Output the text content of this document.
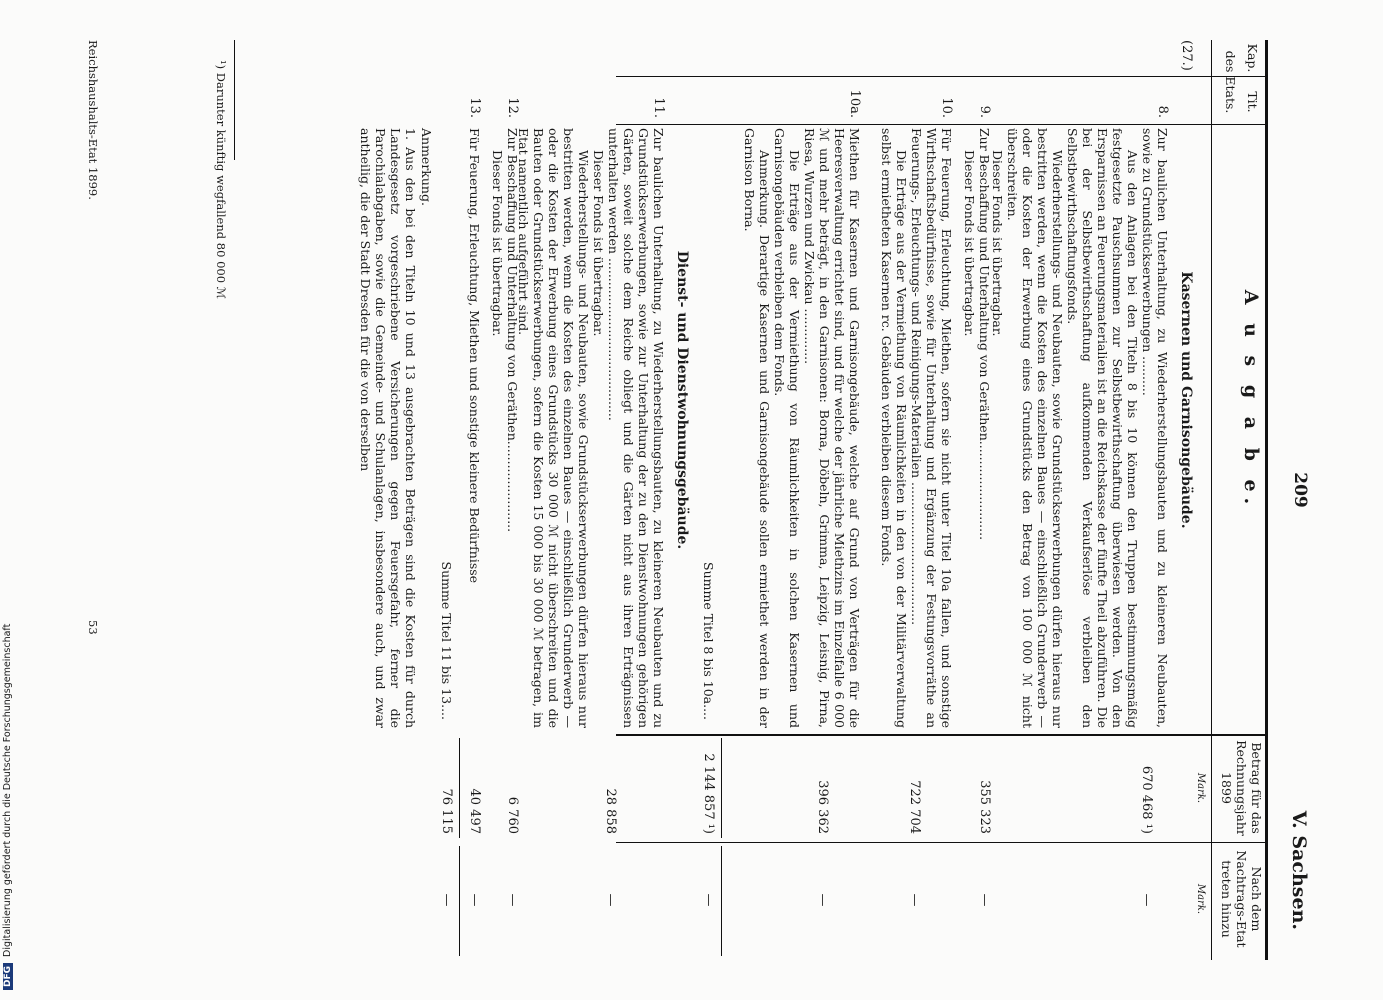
DFGDigitalisierung gefördert durch die Deutsche Forschungsgemeinschaft
209
V. Sachsen.
Kap.
Tit.
des Etats.
Betrag für das Rechnungsjahr 1899
Mark.
Nach dem Nachtrags-Etat treten hinzu
Mark.
A u s g a b e.
Kasernen und Garnisongebäude.
(27.)
8.
Zur baulichen Unterhaltung, zu Wiederherstellungsbauten und zu kleineren Neubauten, sowie zu Grundstückserwerbungen ..........
Aus den Anlagen bei den Titeln 8 bis 10 können den Truppen bestimmungsmäßig festgesetzte Pauschsummen zur Selbstbewirthschaftung überwiesen werden. Von den Ersparnissen an Feuerungsmaterialien ist an die Reichskasse der fünfte Theil abzuführen. Die bei der Selbstbewirthschaftung aufkommenden Verkaufserlöse verbleiben den Selbstbewirthschaftungsfonds.
Wiederherstellungs- und Neubauten, sowie Grundstückserwerbungen dürfen hieraus nur bestritten werden, wenn die Kosten des einzelnen Baues — einschließlich Grunderwerb — oder die Kosten der Erwerbung eines Grundstücks den Betrag von 100 000 ℳ nicht überschreiten.
Dieser Fonds ist übertragbar.
670 468 ¹)
—
9.
Zur Beschaffung und Unterhaltung von Geräthen.........................
Dieser Fonds ist übertragbar.
355 323
—
10.
Für Feuerung, Erleuchtung, Miethen, sofern sie nicht unter Titel 10a fallen, und sonstige Wirthschaftsbedürfnisse, sowie für Unterhaltung und Ergänzung der Festungsvorräthe an Feuerungs-, Erleuchtungs- und Reinigungs-Materialien ....................................
Die Erträge aus der Vermiethung von Räumlichkeiten in den von der Militärverwaltung selbst ermietheten Kasernen rc. Gebäuden verbleiben diesem Fonds.
722 704
—
10a.
Miethen für Kasernen und Garnisongebäude, welche auf Grund von Verträgen für die Heeresverwaltung errichtet sind, und für welche der jährliche Miethzins im Einzelfalle 6 000 ℳ und mehr beträgt, in den Garnisonen: Borna, Döbeln, Grimma, Leipzig, Leisnig, Pirna, Riesa, Wurzen und Zwickau ..............
Die Erträge aus der Vermiethung von Räumlichkeiten in solchen Kasernen und Garnisongebäuden verbleiben dem Fonds.
Anmerkung. Derartige Kasernen und Garnisongebäude sollen ermiethet werden in der Garnison Borna.
396 362
—
Summe Titel 8 bis 10a....
2 144 857 ¹)
—
Dienst- und Dienstwohnungsgebäude.
11.
Zur baulichen Unterhaltung, zu Wiederherstellungsbauten, zu kleineren Neubauten und zu Grundstückserwerbungen, sowie zur Unterhaltung der zu den Dienstwohnungen gehörigen Gärten, soweit solche dem Reiche obliegt und die Gärten nicht aus ihren Erträgnissen unterhalten werden .........................................
Dieser Fonds ist übertragbar.
Wiederherstellungs- und Neubauten, sowie Grundstückserwerbungen dürfen hieraus nur bestritten werden, wenn die Kosten des einzelnen Baues — einschließlich Grunderwerb — oder die Kosten der Erwerbung eines Grundstücks 30 000 ℳ nicht überschreiten und die Bauten oder Grundstückserwerbungen, sofern die Kosten 15 000 bis 30 000 ℳ betragen, im Etat namentlich aufgeführt sind.
28 858
—
12.
Zur Beschaffung und Unterhaltung von Geräthen.......................
Dieser Fonds ist übertragbar.
6 760
—
13.
Für Feuerung, Erleuchtung, Miethen und sonstige kleinere Bedürfnisse
40 497
—
Summe Titel 11 bis 13....
76 115
—
Anmerkung.
1. Aus den bei den Titeln 10 und 13 ausgebrachten Beträgen sind die Kosten für durch Landesgesetz vorgeschriebene Versicherungen gegen Feuersgefahr, ferner die Parochialabgaben, sowie die Gemeinde- und Schulanlagen, insbesondere auch, und zwar antheilig, die der Stadt Dresden für die von derselben
¹) Darunter künftig wegfallend 80 000 ℳ
Reichshaushalts-Etat 1899.
53
